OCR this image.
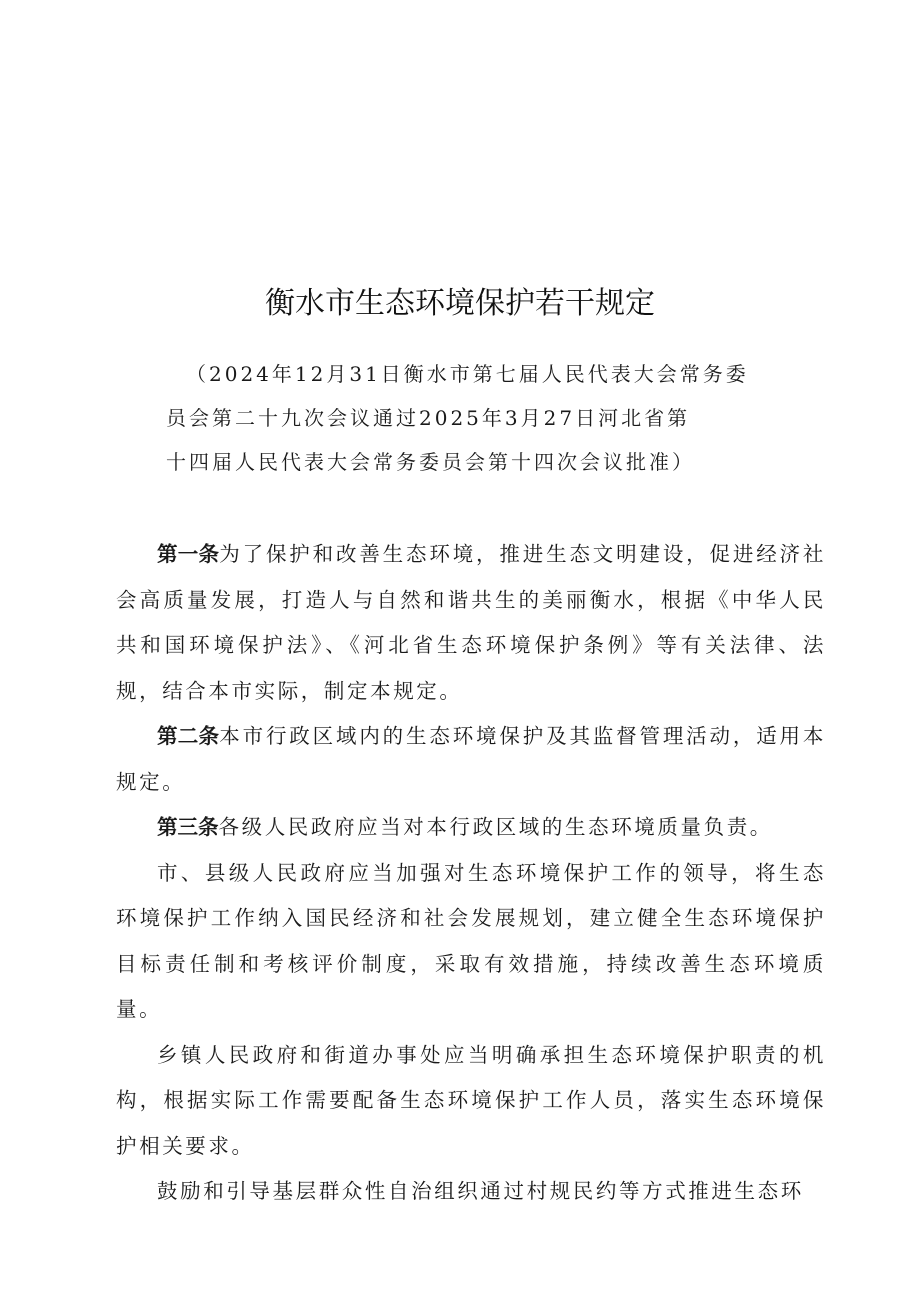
衡水市生态环境保护若干规定
（2024年12月31日衡水市第七届人民代表大会常务委
员会第二十九次会议通过2025年3月27日河北省第
十四届人民代表大会常务委员会第十四次会议批准）

第一条为了保护和改善生态环境，推进生态文明建设，促进经济社会高质量发展，打造人与自然和谐共生的美丽衡水，根据《中华人民共和国环境保护法》、《河北省生态环境保护条例》等有关法律、法规，结合本市实际，制定本规定。

第二条本市行政区域内的生态环境保护及其监督管理活动，适用本规定。

第三条各级人民政府应当对本行政区域的生态环境质量负责。

市、县级人民政府应当加强对生态环境保护工作的领导，将生态环境保护工作纳入国民经济和社会发展规划，建立健全生态环境保护目标责任制和考核评价制度，采取有效措施，持续改善生态环境质量。

乡镇人民政府和街道办事处应当明确承担生态环境保护职责的机构，根据实际工作需要配备生态环境保护工作人员，落实生态环境保护相关要求。

鼓励和引导基层群众性自治组织通过村规民约等方式推进生态环
